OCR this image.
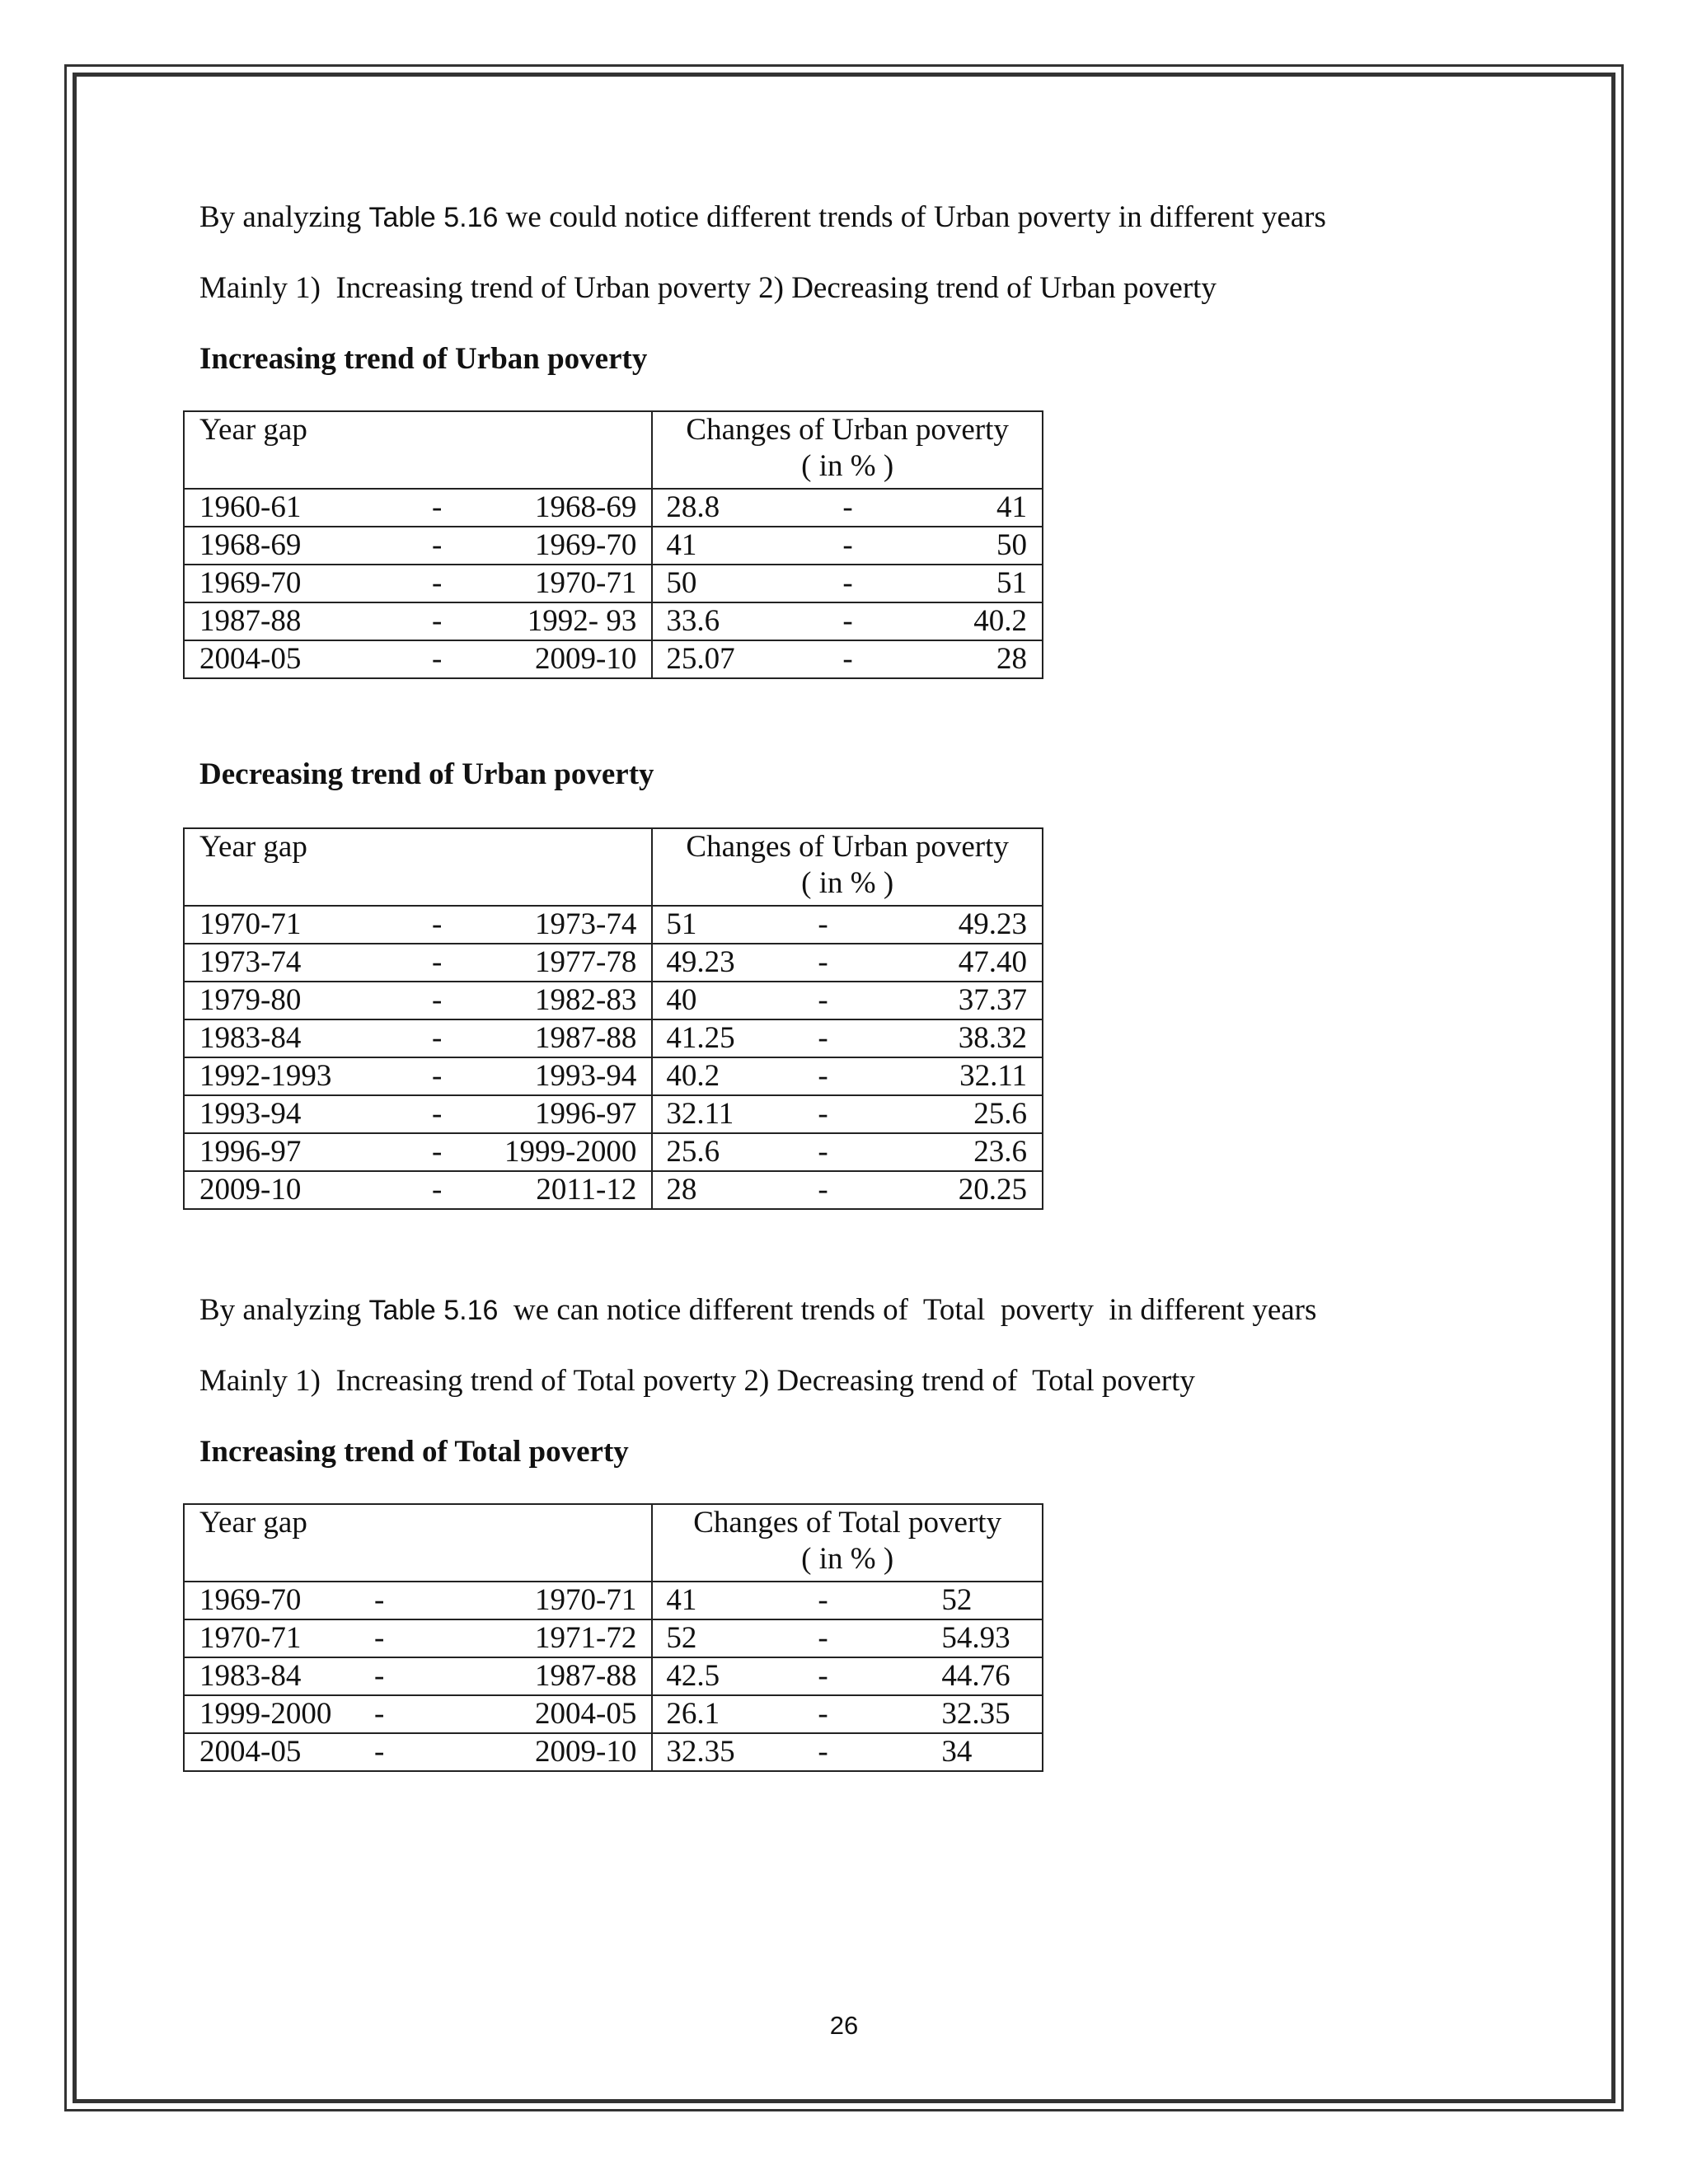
By analyzing Table 5.16 we could notice different trends of Urban poverty in different years
Mainly 1)  Increasing trend of Urban poverty 2) Decreasing trend of Urban poverty
Increasing trend of Urban poverty
Year gap	Changes of Urban poverty
( in % )

1960-61 - 1968-69	28.8 - 41

1968-69 - 1969-70	41 - 50

1969-70 - 1970-71	50 - 51

1987-88 - 1992- 93	33.6 - 40.2

2004-05 - 2009-10	25.07 - 28
Decreasing trend of Urban poverty
Year gap	Changes of Urban poverty
( in % )

1970-71 - 1973-74	51 - 49.23

1973-74 - 1977-78	49.23 - 47.40

1979-80 - 1982-83	40 - 37.37

1983-84 - 1987-88	41.25 - 38.32

1992-1993 - 1993-94	40.2 - 32.11

1993-94 - 1996-97	32.11 - 25.6

1996-97 - 1999-2000	25.6 - 23.6

2009-10 - 2011-12	28 - 20.25
By analyzing Table 5.16  we can notice different trends of  Total  poverty  in different years
Mainly 1)  Increasing trend of Total poverty 2) Decreasing trend of  Total poverty
Increasing trend of Total poverty
Year gap	Changes of Total poverty
( in % )

1969-70 - 1970-71	41 - 52

1970-71 - 1971-72	52 - 54.93

1983-84 - 1987-88	42.5 - 44.76

1999-2000 - 2004-05	26.1 - 32.35

2004-05 - 2009-10	32.35 - 34
26
